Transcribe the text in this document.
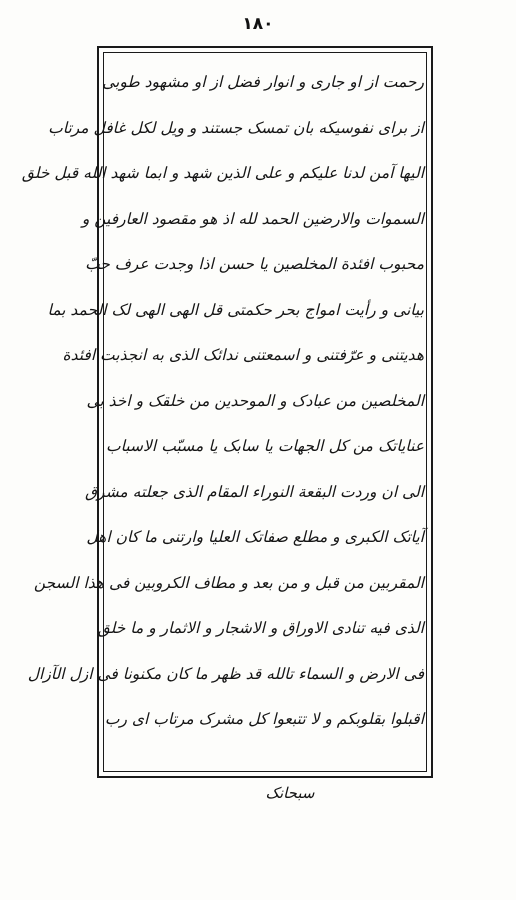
۱۸۰
رحمت از او جاری و انوار فضل از او مشهود طوبی
از برای نفوسیکه بان تمسک جستند و ویل لکل غافل مرتاب
الیها آمن لدنا علیکم و علی الذین شهد و ابما شهد الله قبل خلق
السموات والارضین الحمد لله اذ هو مقصود العارفین و
محبوب افئدة المخلصین یا حسن اذا وجدت عرف حبّ
بیانی و رأیت امواج بحر حکمتی قل الهی الهی لک الحمد بما
هدیتنی و عرّفتنی و اسمعتنی ندائک الذی به انجذبت افئدة
المخلصین من عبادک و الموحدین من خلقک و اخذ بی
عنایاتک من کل الجهات یا سابک یا مسبّب الاسباب
الی ان وردت البقعة النوراء المقام الذی جعلته مشرق
آیاتک الکبری و مطلع صفاتک العلیا وارتنی ما کان اهل
المقربین من قبل و من بعد و مطاف الکروبین فی هذا السجن
الذی فیه تنادی الاوراق و الاشجار و الاثمار و ما خلق
فی الارض و السماء تالله قد ظهر ما کان مکنونا فی ازل الآزال
اقبلوا بقلوبکم و لا تتبعوا کل مشرک مرتاب ای رب
سبحانک
